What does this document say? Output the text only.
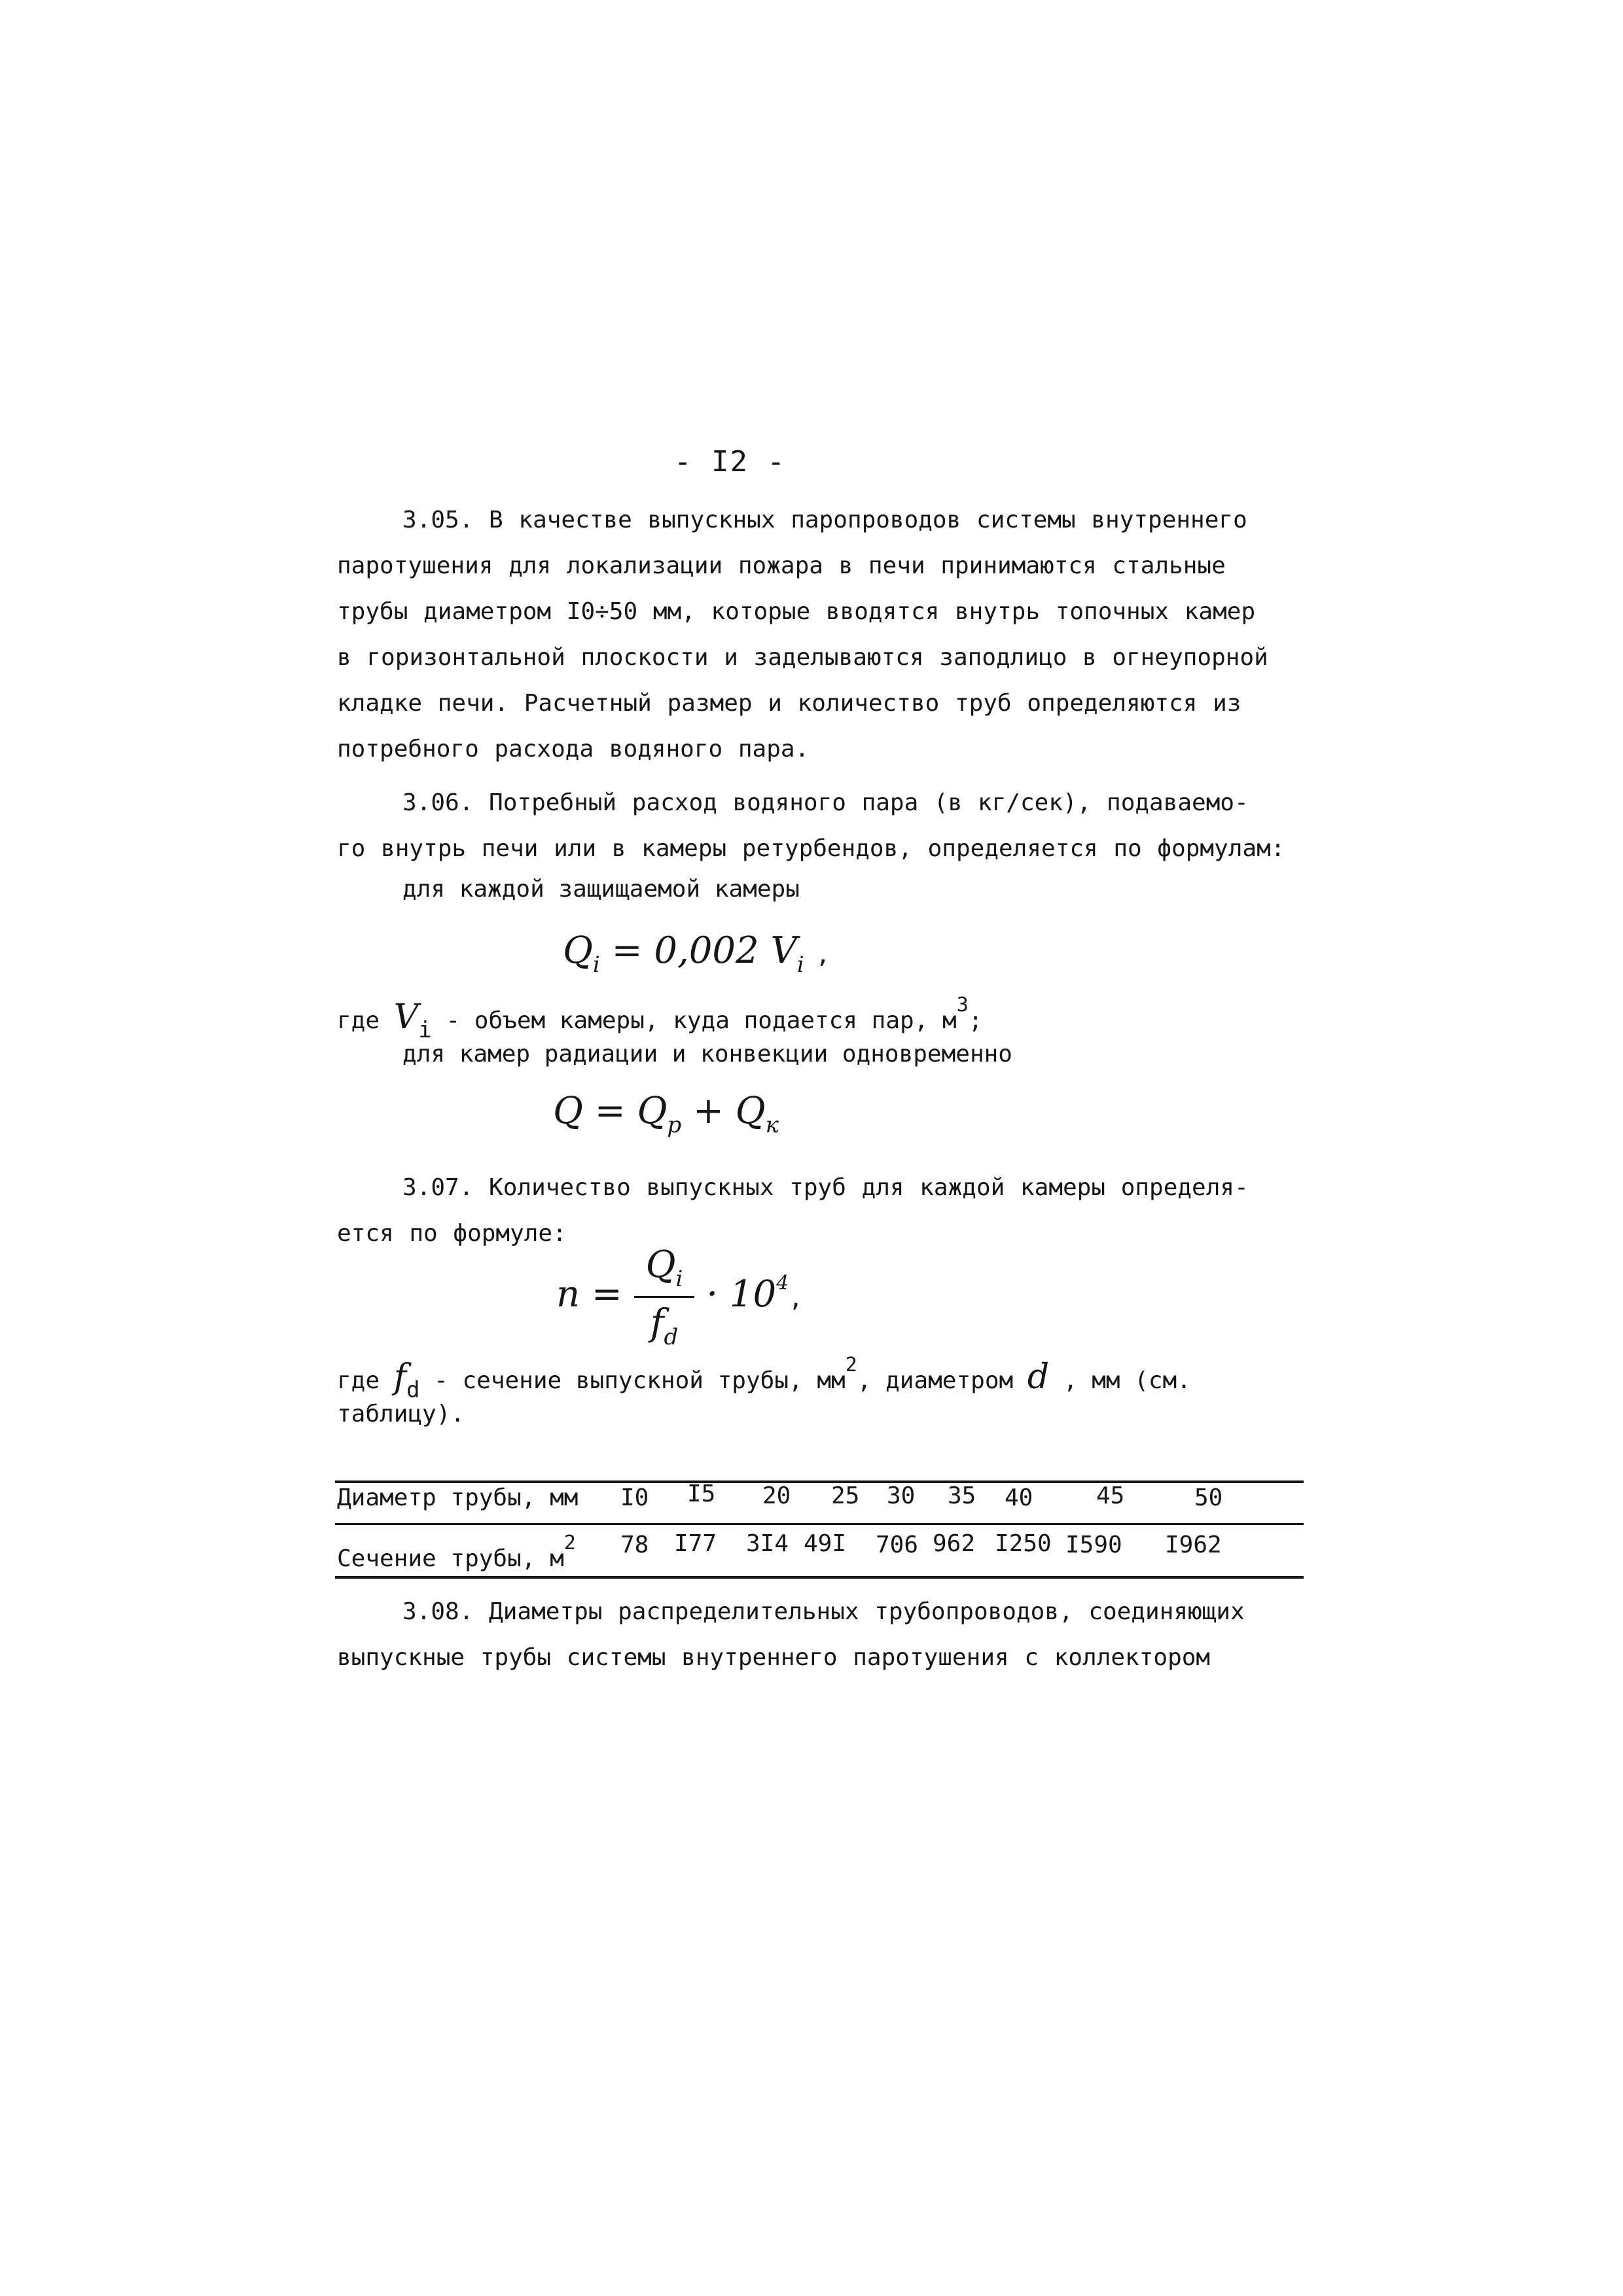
- I2 -

3.05. В качестве выпускных паропроводов системы внутреннего
паротушения для локализации пожара в печи принимаются стальные
трубы диаметром I0÷50 мм, которые вводятся внутрь топочных камер
в горизонтальной плоскости и заделываются заподлицо в огнеупорной
кладке печи. Расчетный размер и количество труб определяются из
потребного расхода водяного пара.

3.06. Потребный расход водяного пара (в кг/сек), подаваемо-
го внутрь печи или в камеры ретурбендов, определяется по формулам:

для каждой защищаемой камеры
$Q_i = 0,002$ $V_i$ ,
где Vi - объем камеры, куда подается пар, $м^3$;
для камер радиации и конвекции одновременно
$Q = Q_p + Q_к$

3.07. Количество выпускных труб для каждой камеры определя-
ется по формуле:

$n = \frac{Q_i}{f_d} \cdot 10^4$,
где fd - сечение выпускной трубы, $мм^2$, диаметром d , мм (см.
таблицу).
Диаметр трубы, мм I0 I5 20 25 30 35 40	45	50
Сечение трубы, $м^2$ 78 I77 3I4 49I 706 962 I250 I590 I962

3.08. Диаметры распределительных трубопроводов, соединяющих
выпускные трубы системы внутреннего паротушения с коллектором
